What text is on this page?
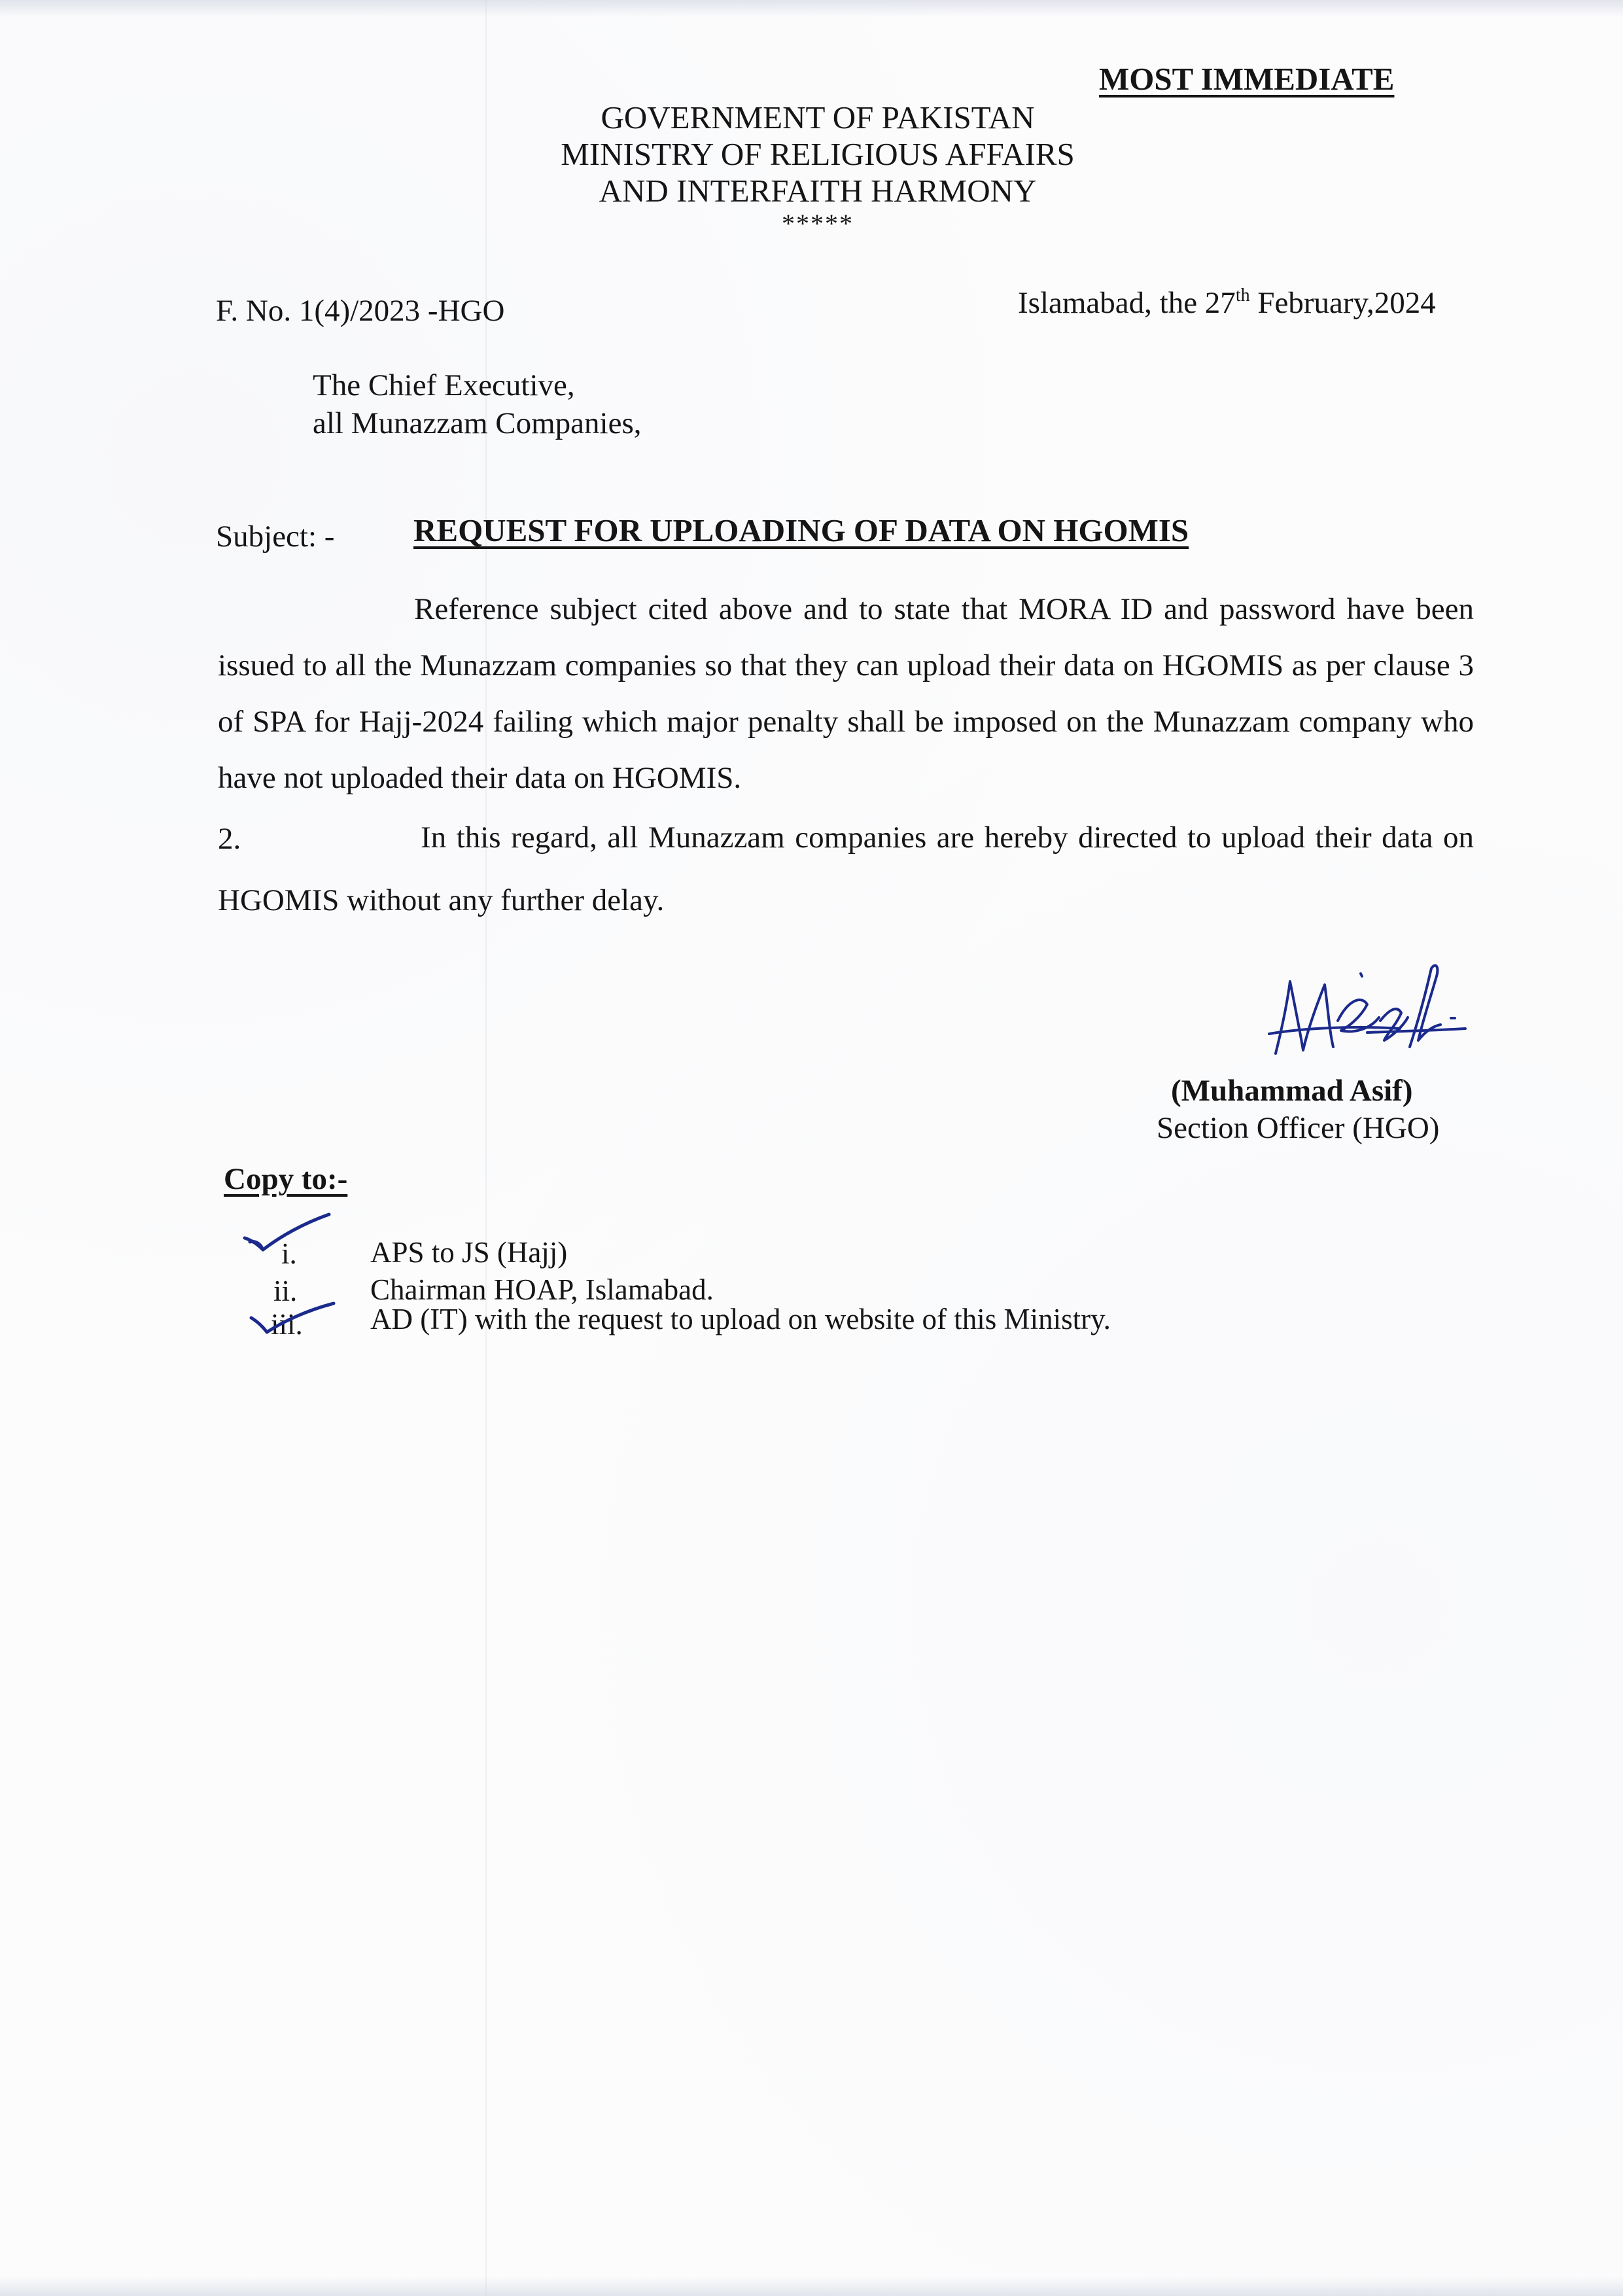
MOST IMMEDIATE
GOVERNMENT OF PAKISTAN
MINISTRY OF RELIGIOUS AFFAIRS
AND INTERFAITH HARMONY
*****
F. No. 1(4)/2023 -HGO	Islamabad, the 27th February,2024
The Chief Executive,
all Munazzam Companies,
Subject: - REQUEST FOR UPLOADING OF DATA ON HGOMIS
Reference subject cited above and to state that MORA ID and password have been issued to all the Munazzam companies so that they can upload their data on HGOMIS as per clause 3 of SPA for Hajj-2024 failing which major penalty shall be imposed on the Munazzam company who have not uploaded their data on HGOMIS.
2.	In this regard, all Munazzam companies are hereby directed to upload their data on HGOMIS without any further delay.
(Muhammad Asif)
Section Officer (HGO)
Copy to:-
i. APS to JS (Hajj)
ii. Chairman HOAP, Islamabad.
iii. AD (IT) with the request to upload on website of this Ministry.
